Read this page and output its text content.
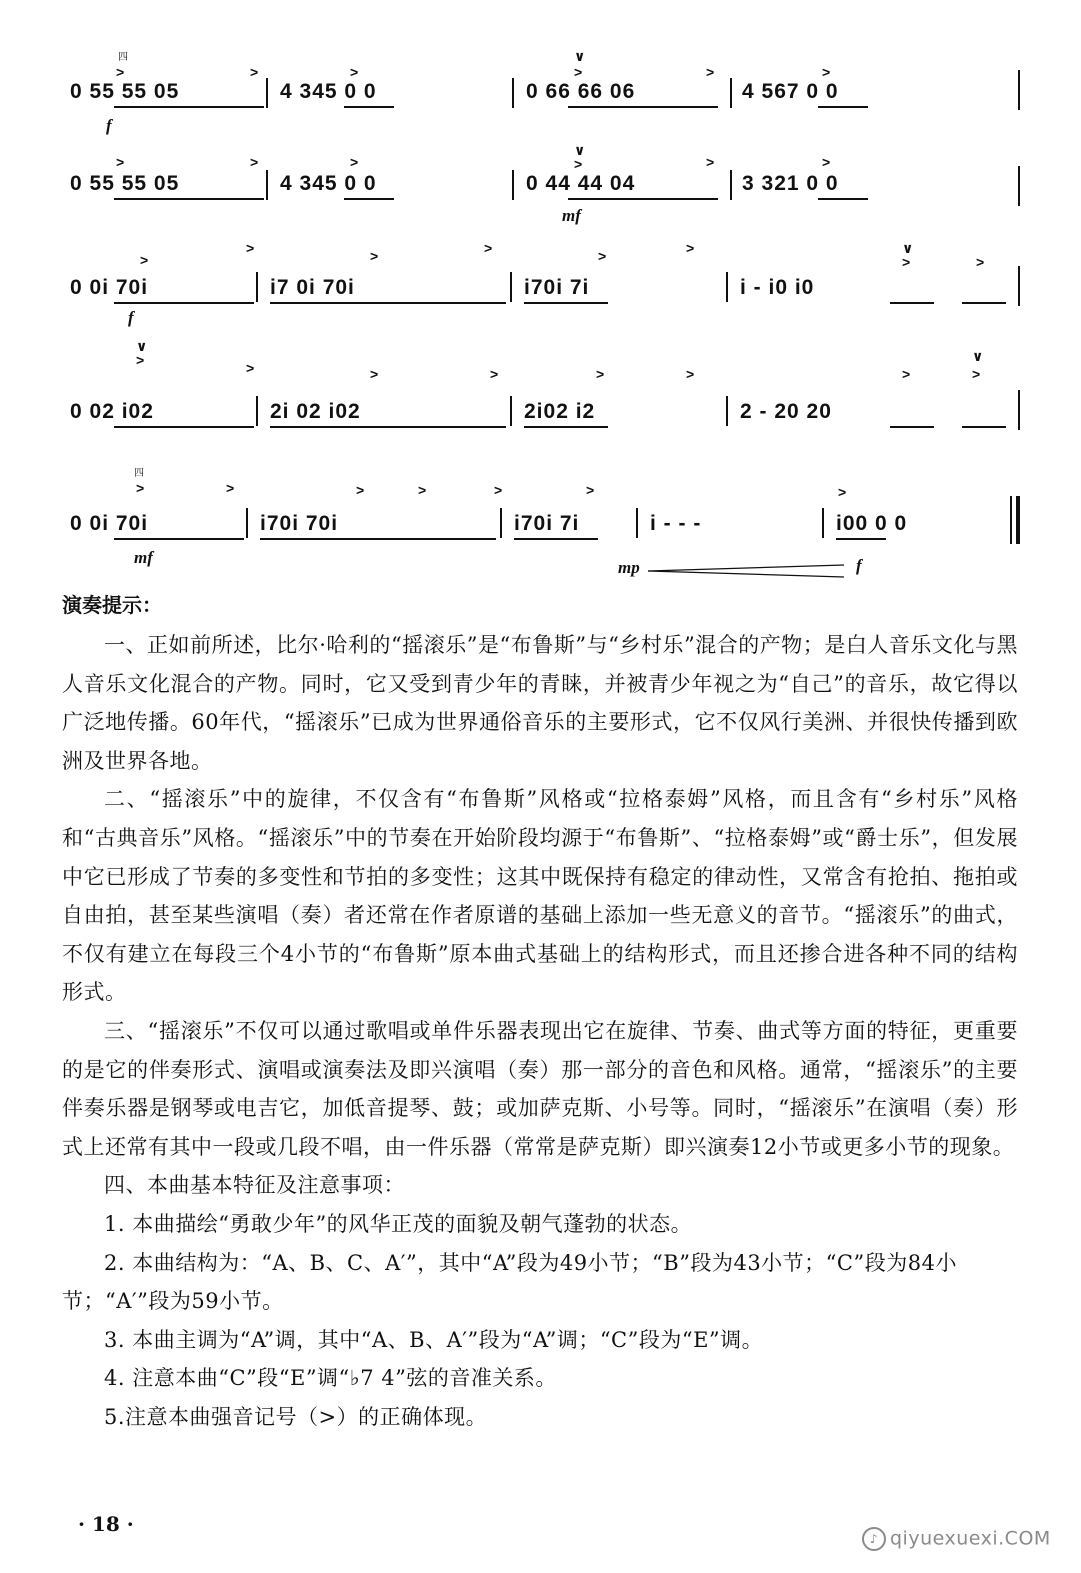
四
>	>	>
∨
>	>	>
0 55 55 05	4 345 0 0	0 66 66 06	4 567 0 0
f
>	>	>
∨
>	>	>
0 55 55 05	4 345 0 0	0 44 44 04	3 321 0 0
mf
>
>	>	>	>	>	∨
>	>
0 0i 70i	i7 0i 70i	i70i 7i	i - i0 i0
f
∨
>	>	>	>	>	>	>
∨
>
0 02 i02	2i 02 i02	2i02 i2	2 - 20 20
四
>	>	>	>	>	>	>
0 0i 70i	i70i 70i	i70i 7i	i - - -	i00 0 0
mf
mp	f

演奏提示：

一、正如前所述，比尔·哈利的“摇滚乐”是“布鲁斯”与“乡村乐”混合的产物；是白人音乐文化与黑人音乐文化混合的产物。同时，它又受到青少年的青睐，并被青少年视之为“自己”的音乐，故它得以广泛地传播。60年代，“摇滚乐”已成为世界通俗音乐的主要形式，它不仅风行美洲、并很快传播到欧洲及世界各地。

二、“摇滚乐”中的旋律，不仅含有“布鲁斯”风格或“拉格泰姆”风格，而且含有“乡村乐”风格和“古典音乐”风格。“摇滚乐”中的节奏在开始阶段均源于“布鲁斯”、“拉格泰姆”或“爵士乐”，但发展中它已形成了节奏的多变性和节拍的多变性；这其中既保持有稳定的律动性，又常含有抢拍、拖拍或自由拍，甚至某些演唱（奏）者还常在作者原谱的基础上添加一些无意义的音节。“摇滚乐”的曲式，不仅有建立在每段三个4小节的“布鲁斯”原本曲式基础上的结构形式，而且还掺合进各种不同的结构形式。

三、“摇滚乐”不仅可以通过歌唱或单件乐器表现出它在旋律、节奏、曲式等方面的特征，更重要的是它的伴奏形式、演唱或演奏法及即兴演唱（奏）那一部分的音色和风格。通常，“摇滚乐”的主要伴奏乐器是钢琴或电吉它，加低音提琴、鼓；或加萨克斯、小号等。同时，“摇滚乐”在演唱（奏）形式上还常有其中一段或几段不唱，由一件乐器（常常是萨克斯）即兴演奏12小节或更多小节的现象。

四、本曲基本特征及注意事项：

1. 本曲描绘“勇敢少年”的风华正茂的面貌及朝气蓬勃的状态。

2. 本曲结构为：“A、B、C、A′”，其中“A”段为49小节；“B”段为43小节；“C”段为84小节；“A′”段为59小节。

3. 本曲主调为“A”调，其中“A、B、A′”段为“A”调；“C”段为“E”调。

4. 注意本曲“C”段“E”调“♭7 4”弦的音准关系。

5.注意本曲强音记号（>）的正确体现。

· 18 ·
♪ qiyuexuexi.COM
